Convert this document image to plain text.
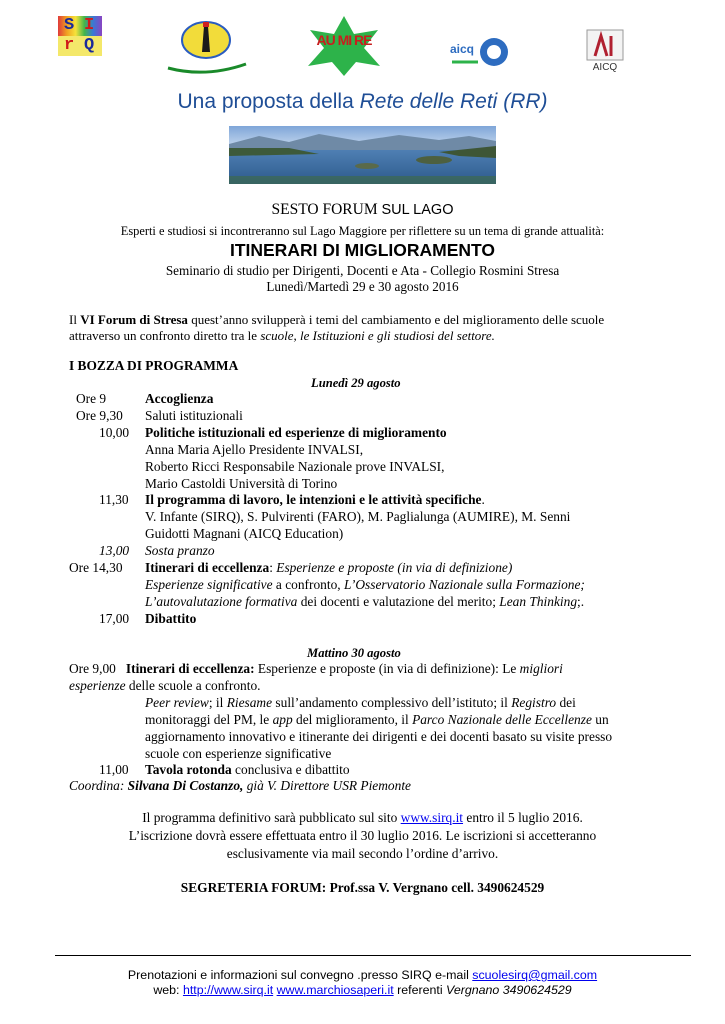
S I
r Q	AU MI RE
aicq
AICQ
Una proposta della Rete delle Reti (RR)
SESTO FORUM SUL LAGO
Esperti e studiosi si incontreranno sul Lago Maggiore per riflettere su un tema di grande attualità:
ITINERARI DI MIGLIORAMENTO
Seminario di studio per Dirigenti, Docenti e Ata - Collegio Rosmini Stresa
Lunedì/Martedì 29 e 30 agosto 2016
Il VI Forum di Stresa quest’anno svilupperà i temi del cambiamento e del miglioramento delle scuole
attraverso un confronto diretto tra le scuole, le Istituzioni e gli studiosi del settore.
I BOZZA DI PROGRAMMA
Lunedì 29 agosto
Ore 9	Accoglienza
Ore 9,30 Saluti istituzionali
10,00 Politiche istituzionali ed esperienze di miglioramento
Anna Maria Ajello Presidente INVALSI,
Roberto Ricci Responsabile Nazionale prove INVALSI,
Mario Castoldi Università di Torino
11,30 Il programma di lavoro, le intenzioni e le attività specifiche.
V. Infante (SIRQ), S. Pulvirenti (FARO), M. Paglialunga (AUMIRE), M. Senni
Guidotti Magnani (AICQ Education)
13,00 Sosta pranzo
Ore 14,30 Itinerari di eccellenza: Esperienze e proposte (in via di definizione)
Esperienze significative a confronto, L’Osservatorio Nazionale sulla Formazione;
L’autovalutazione formativa dei docenti e valutazione del merito; Lean Thinking;.
17,00 Dibattito
Mattino 30 agosto
Ore 9,00 Itinerari di eccellenza: Esperienze e proposte (in via di definizione): Le migliori
esperienze delle scuole a confronto.
Peer review; il Riesame sull’andamento complessivo dell’istituto; il Registro dei
monitoraggi del PM, le app del miglioramento, il Parco Nazionale delle Eccellenze un
aggiornamento innovativo e itinerante dei dirigenti e dei docenti basato su visite presso
scuole con esperienze significative
11,00 Tavola rotonda conclusiva e dibattito
Coordina: Silvana Di Costanzo, già V. Direttore USR Piemonte
Il programma definitivo sarà pubblicato sul sito www.sirq.it entro il 5 luglio 2016.
L’iscrizione dovrà essere effettuata entro il 30 luglio 2016. Le iscrizioni si accetteranno
esclusivamente via mail secondo l’ordine d’arrivo.
SEGRETERIA FORUM: Prof.ssa V. Vergnano cell. 3490624529
Prenotazioni e informazioni sul convegno .presso SIRQ e-mail scuolesirq@gmail.com
web: http://www.sirq.it www.marchiosaperi.it referenti Vergnano 3490624529
